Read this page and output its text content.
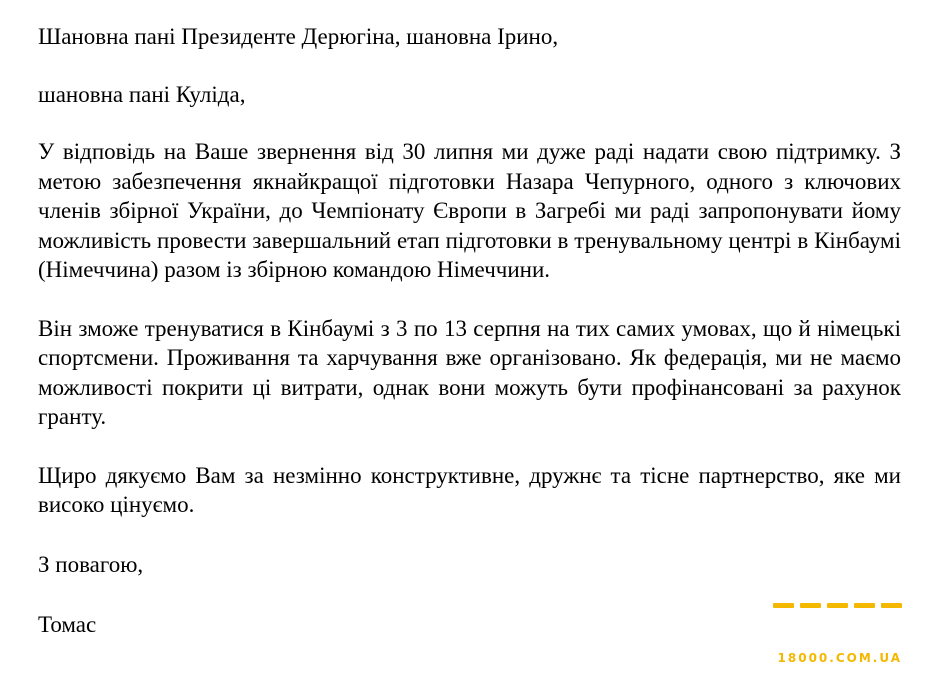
Шановна пані Президенте Дерюгіна, шановна Ірино,

шановна пані Куліда,

У відповідь на Ваше звернення від 30 липня ми дуже раді надати свою підтримку. З метою забезпечення якнайкращої підготовки Назара Чепурного, одного з ключових членів збірної України, до Чемпіонату Європи в Загребі ми раді запропонувати йому можливість провести завершальний етап підготовки в тренувальному центрі в Кінбаумі (Німеччина) разом із збірною командою Німеччини.

Він зможе тренуватися в Кінбаумі з 3 по 13 серпня на тих самих умовах, що й німецькі спортсмени. Проживання та харчування вже організовано. Як федерація, ми не маємо можливості покрити ці витрати, однак вони можуть бути профінансовані за рахунок гранту.

Щиро дякуємо Вам за незмінно конструктивне, дружнє та тісне партнерство, яке ми високо цінуємо.

З повагою,

Томас

18000.COM.UA
